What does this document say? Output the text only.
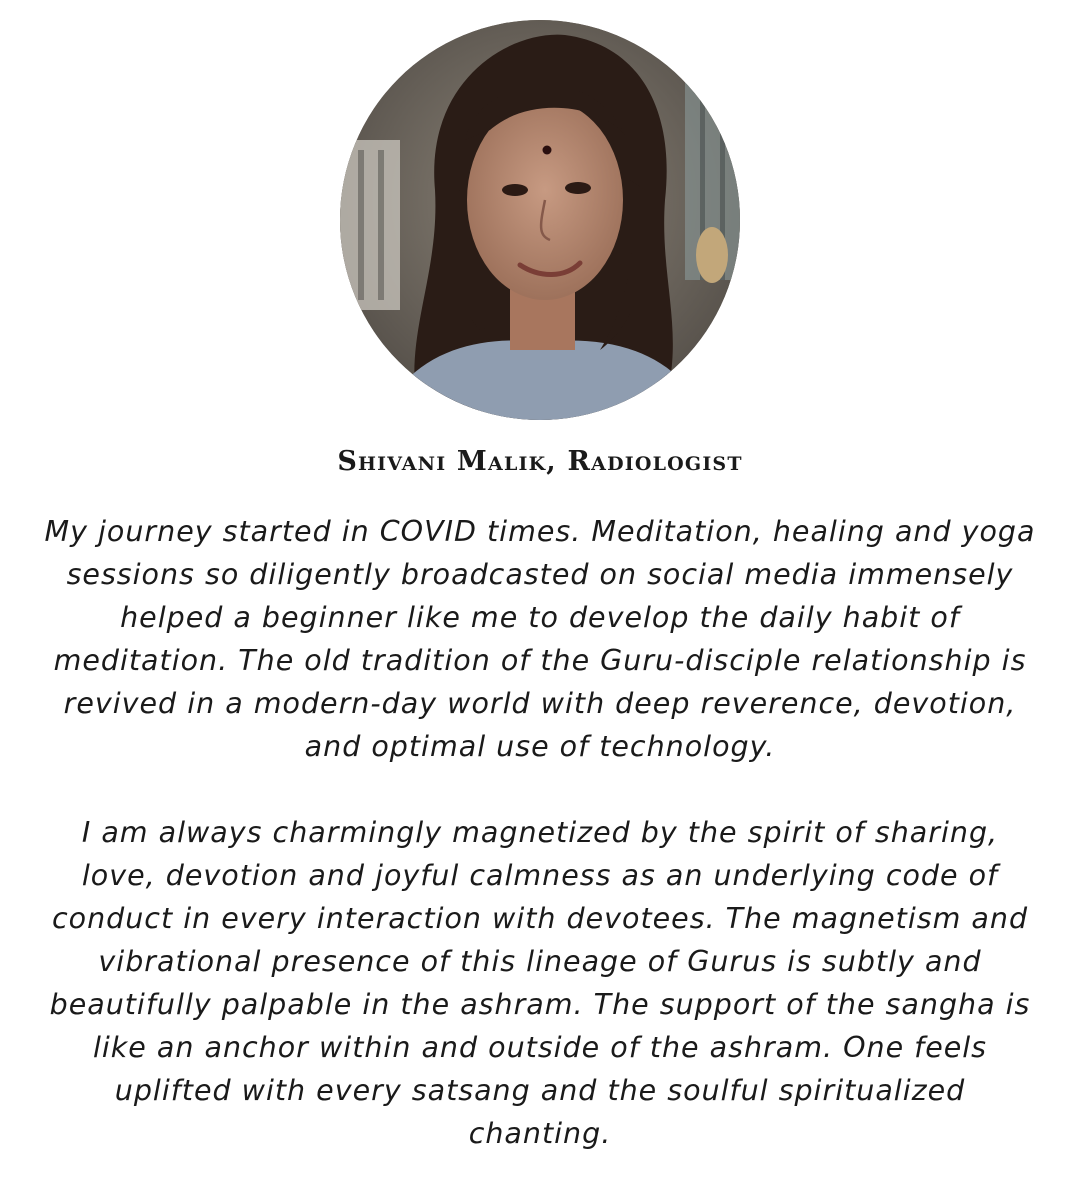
Shivani Malik, Radiologist

My journey started in COVID times. Meditation, healing and yoga sessions so diligently broadcasted on social media immensely helped a beginner like me to develop the daily habit of meditation. The old tradition of the Guru-disciple relationship is revived in a modern-day world with deep reverence, devotion, and optimal use of technology.

I am always charmingly magnetized by the spirit of sharing, love, devotion and joyful calmness as an underlying code of conduct in every interaction with devotees. The magnetism and vibrational presence of this lineage of Gurus is subtly and beautifully palpable in the ashram. The support of the sangha is like an anchor within and outside of the ashram. One feels uplifted with every satsang and the soulful spiritualized chanting.
